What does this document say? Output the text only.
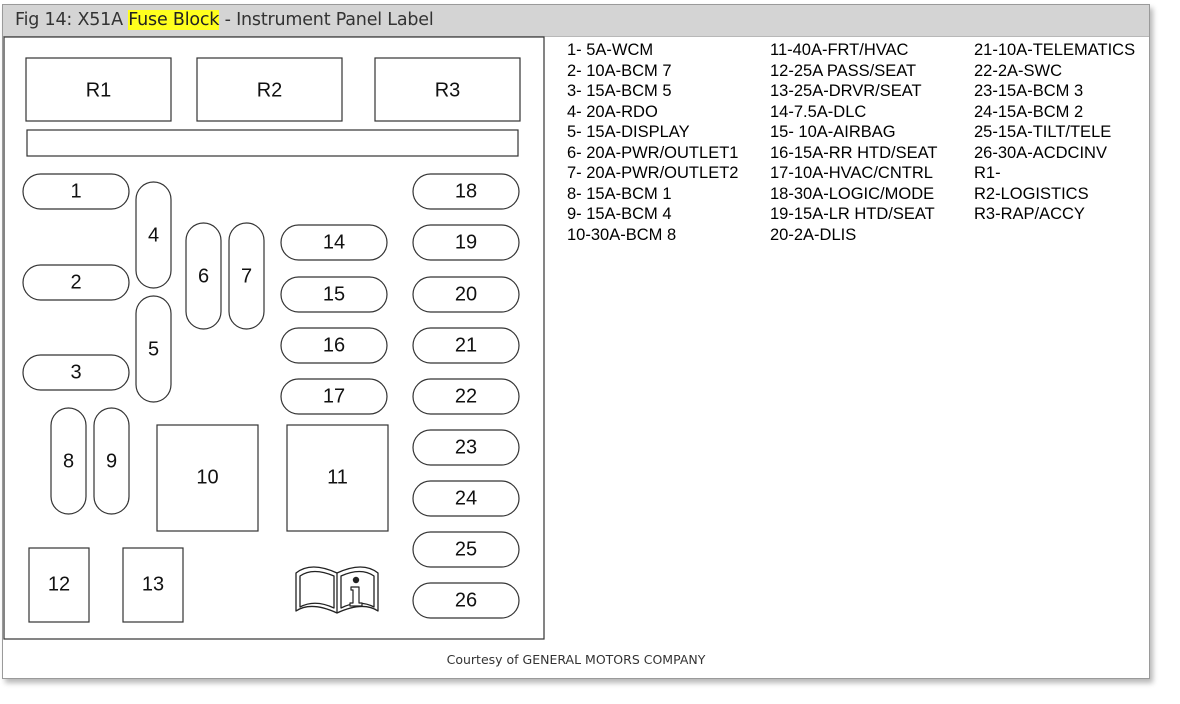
Fig 14: X51A Fuse Block - Instrument Panel Label
R1	R2	R3
1
2
3
4
5
6 7
8 9
10	11
12	13
14
15
16
17
18
19
20
21
22
23
24
25
26
1- 5A-WCM
2- 10A-BCM 7
3- 15A-BCM 5
4- 20A-RDO
5- 15A-DISPLAY
6- 20A-PWR/OUTLET1
7- 20A-PWR/OUTLET2
8- 15A-BCM 1
9- 15A-BCM 4
10-30A-BCM 8
11-40A-FRT/HVAC
12-25A PASS/SEAT
13-25A-DRVR/SEAT
14-7.5A-DLC
15- 10A-AIRBAG
16-15A-RR HTD/SEAT
17-10A-HVAC/CNTRL
18-30A-LOGIC/MODE
19-15A-LR HTD/SEAT
20-2A-DLIS
21-10A-TELEMATICS
22-2A-SWC
23-15A-BCM 3
24-15A-BCM 2
25-15A-TILT/TELE
26-30A-ACDCINV
R1-
R2-LOGISTICS
R3-RAP/ACCY
Courtesy of GENERAL MOTORS COMPANY
